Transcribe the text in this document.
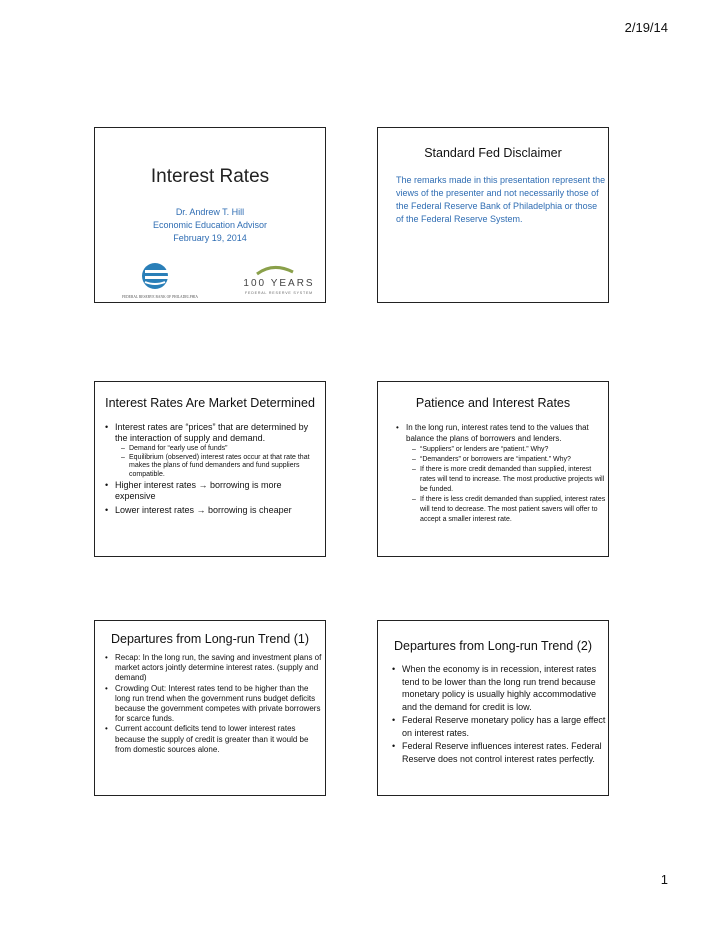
2/19/14
Interest Rates
Dr. Andrew T. Hill
Economic Education Advisor
February 19, 2014
FEDERAL RESERVE BANK OF PHILADELPHIA
100 YEARS
FEDERAL RESERVE SYSTEM
Standard Fed Disclaimer
The remarks made in this presentation represent the views of the presenter and not necessarily those of the Federal Reserve Bank of Philadelphia or those of the Federal Reserve System.
Interest Rates Are Market Determined
• Interest rates are “prices” that are determined by the interaction of supply and demand.
– Demand for “early use of funds”
– Equilibrium (observed) interest rates occur at that rate that makes the plans of fund demanders and fund suppliers compatible.
• Higher interest rates → borrowing is more expensive
• Lower interest rates → borrowing is cheaper
Patience and Interest Rates
• In the long run, interest rates tend to the values that balance the plans of borrowers and lenders.
– “Suppliers” or lenders are “patient.” Why?
– “Demanders” or borrowers are “impatient.” Why?
– If there is more credit demanded than supplied, interest rates will tend to increase. The most productive projects will be funded.
– If there is less credit demanded than supplied, interest rates will tend to decrease. The most patient savers will offer to accept a smaller interest rate.
Departures from Long-run Trend (1)
• Recap: In the long run, the saving and investment plans of market actors jointly determine interest rates. (supply and demand)
• Crowding Out: Interest rates tend to be higher than the long run trend when the government runs budget deficits because the government competes with private borrowers for scarce funds.
• Current account deficits tend to lower interest rates because the supply of credit is greater than it would be from domestic sources alone.
Departures from Long-run Trend (2)
• When the economy is in recession, interest rates tend to be lower than the long run trend because monetary policy is usually highly accommodative and the demand for credit is low.
• Federal Reserve monetary policy has a large effect on interest rates.
• Federal Reserve influences interest rates. Federal Reserve does not control interest rates perfectly.
1
